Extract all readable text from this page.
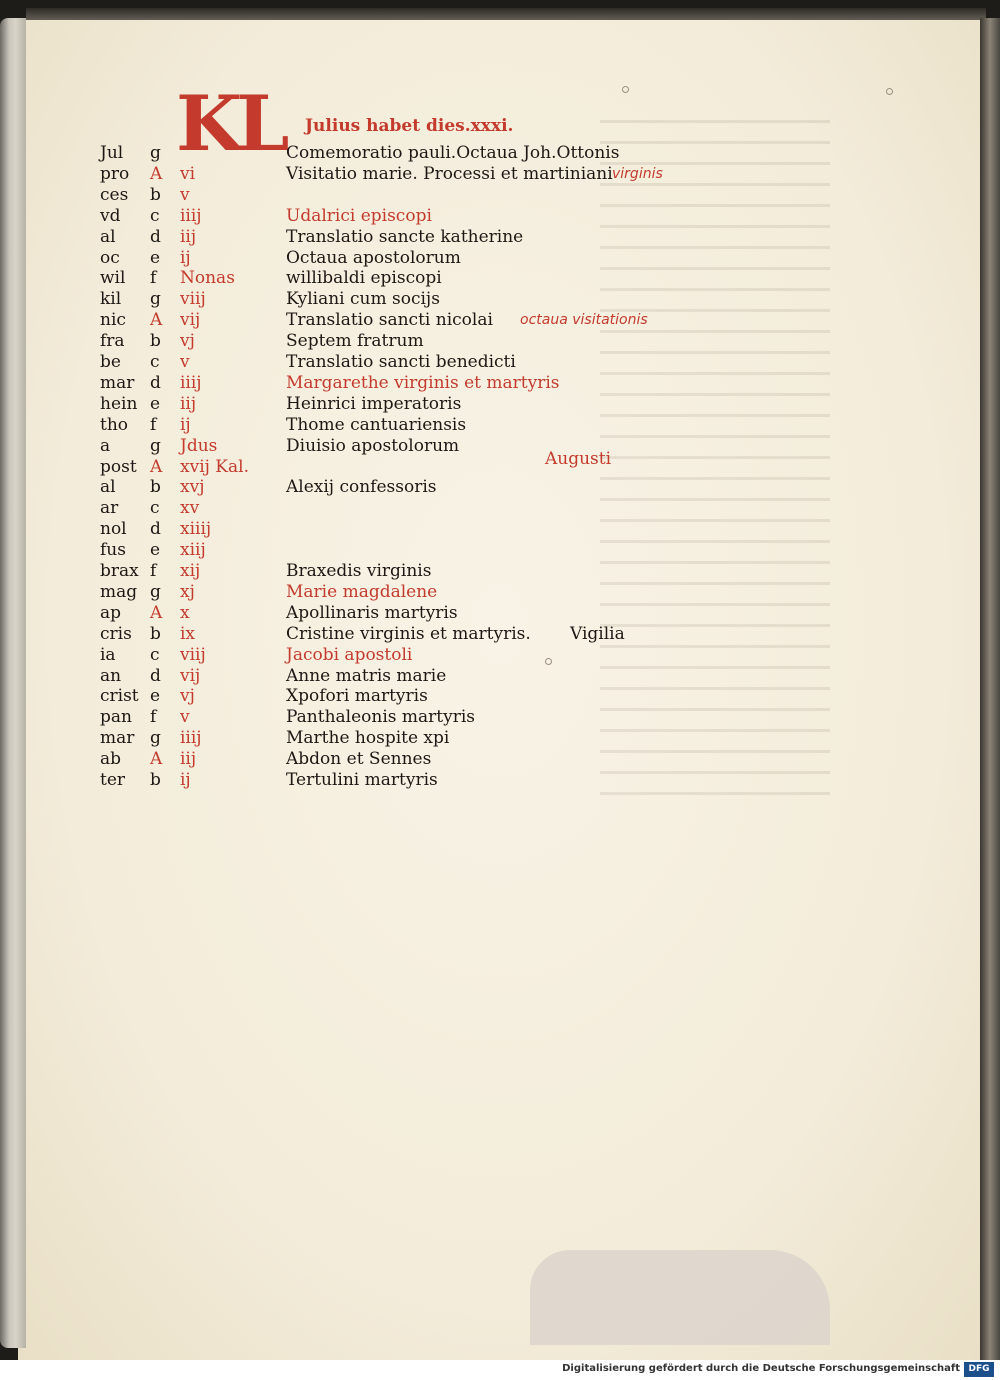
KL Julius habet dies.xxxi.
Jul g	Comemoratio pauli.Octaua Joh.Ottonis
pro A vi	Visitatio marie. Processi et martiniani virginis
ces b v
vd c iiij	Udalrici episcopi
al d iij	Translatio sancte katherine
oc e ij	Octaua apostolorum
wil f Nonas	willibaldi episcopi
kil g viij	Kyliani cum socijs
nic A vij	Translatio sancti nicolai octaua visitationis
fra b vj	Septem fratrum
be c v	Translatio sancti benedicti
mar d iiij	Margarethe virginis et martyris
hein e iij	Heinrici imperatoris
tho f ij	Thome cantuariensis
a g Jdus	Diuisio apostolorum
post A xvij Kal.	Augusti
al b xvj	Alexij confessoris
ar c xv
nol d xiiij
fus e xiij
brax f xij	Braxedis virginis
mag g xj	Marie magdalene
ap A x	Apollinaris martyris
cris b ix	Cristine virginis et martyris. Vigilia
ia c viij	Jacobi apostoli
an d vij	Anne matris marie
crist e vj	Xpofori martyris
pan f v	Panthaleonis martyris
mar g iiij	Marthe hospite xpi
ab A iij	Abdon et Sennes
ter b ij	Tertulini martyris
Digitalisierung gefördert durch die Deutsche Forschungsgemeinschaft DFG
